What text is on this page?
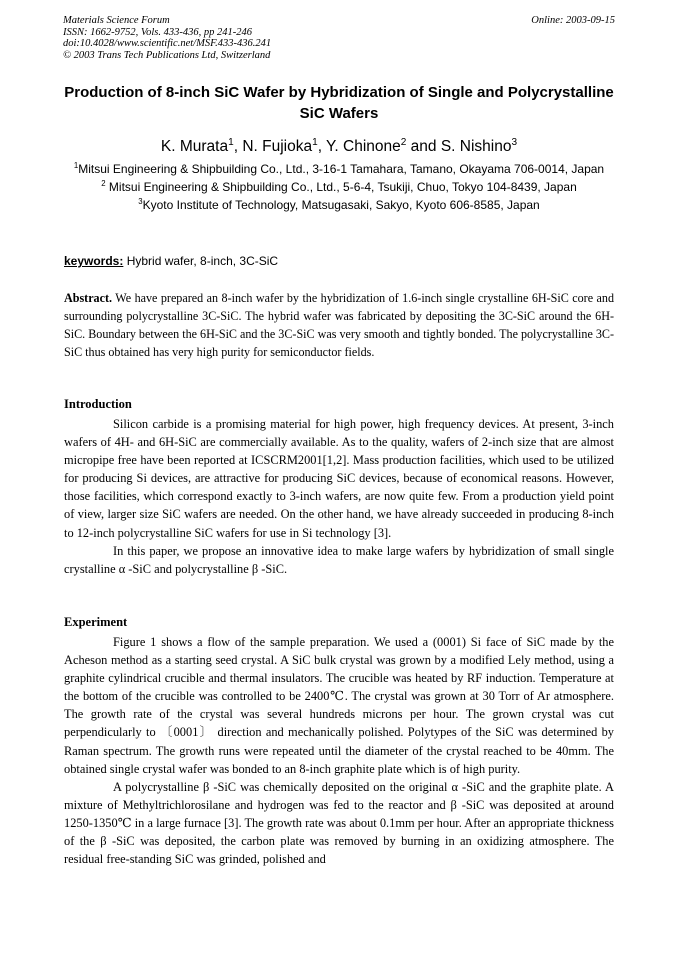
Materials Science Forum
ISSN: 1662-9752, Vols. 433-436, pp 241-246
doi:10.4028/www.scientific.net/MSF.433-436.241
© 2003 Trans Tech Publications Ltd, Switzerland
Online: 2003-09-15
Production of 8-inch SiC Wafer by Hybridization of Single and Polycrystalline SiC Wafers
K. Murata$^1$, N. Fujioka$^1$, Y. Chinone$^2$ and S. Nishino$^3$
$^1$Mitsui Engineering & Shipbuilding Co., Ltd., 3-16-1 Tamahara, Tamano, Okayama 706-0014, Japan
$^2$ Mitsui Engineering & Shipbuilding Co., Ltd., 5-6-4, Tsukiji, Chuo, Tokyo 104-8439, Japan
$^3$Kyoto Institute of Technology, Matsugasaki, Sakyo, Kyoto 606-8585, Japan
keywords: Hybrid wafer, 8-inch, 3C-SiC
Abstract. We have prepared an 8-inch wafer by the hybridization of 1.6-inch single crystalline 6H-SiC core and surrounding polycrystalline 3C-SiC. The hybrid wafer was fabricated by depositing the 3C-SiC around the 6H-SiC. Boundary between the 6H-SiC and the 3C-SiC was very smooth and tightly bonded. The polycrystalline 3C-SiC thus obtained has very high purity for semiconductor fields.
Introduction

Silicon carbide is a promising material for high power, high frequency devices. At present, 3-inch wafers of 4H- and 6H-SiC are commercially available. As to the quality, wafers of 2-inch size that are almost micropipe free have been reported at ICSCRM2001[1,2]. Mass production facilities, which used to be utilized for producing Si devices, are attractive for producing SiC devices, because of economical reasons. However, those facilities, which correspond exactly to 3-inch wafers, are now quite few. From a production yield point of view, larger size SiC wafers are needed. On the other hand, we have already succeeded in producing 8-inch to 12-inch polycrystalline SiC wafers for use in Si technology [3].

In this paper, we propose an innovative idea to make large wafers by hybridization of small single crystalline α -SiC and polycrystalline β -SiC.

Experiment

Figure 1 shows a flow of the sample preparation. We used a (0001) Si face of SiC made by the Acheson method as a starting seed crystal. A SiC bulk crystal was grown by a modified Lely method, using a graphite cylindrical crucible and thermal insulators. The crucible was heated by RF induction. Temperature at the bottom of the crucible was controlled to be 2400℃. The crystal was grown at 30 Torr of Ar atmosphere. The growth rate of the crystal was several hundreds microns per hour. The grown crystal was cut perpendicularly to 〔0001〕 direction and mechanically polished. Polytypes of the SiC was determined by Raman spectrum. The growth runs were repeated until the diameter of the crystal reached to be 40mm. The obtained single crystal wafer was bonded to an 8-inch graphite plate which is of high purity.

A polycrystalline β -SiC was chemically deposited on the original α -SiC and the graphite plate. A mixture of Methyltrichlorosilane and hydrogen was fed to the reactor and β -SiC was deposited at around 1250-1350℃ in a large furnace [3]. The growth rate was about 0.1mm per hour. After an appropriate thickness of the β -SiC was deposited, the carbon plate was removed by burning in an oxidizing atmosphere. The residual free-standing SiC was grinded, polished and
